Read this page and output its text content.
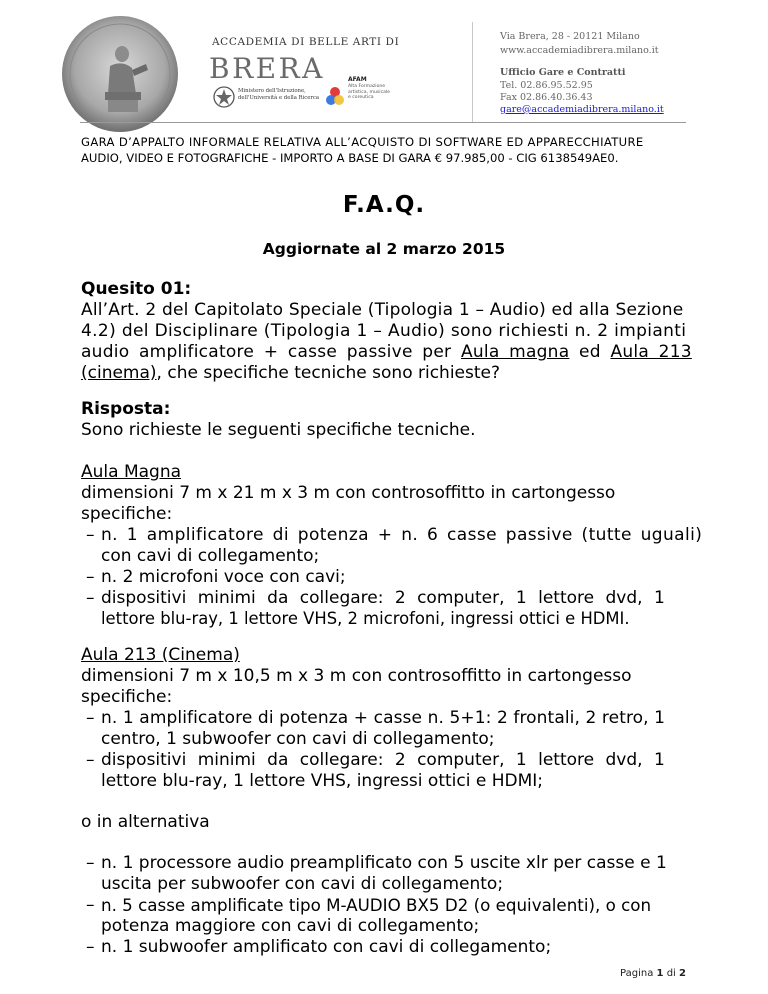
ACCADEMIA DI BELLE ARTI DI
BRERA
Ministero dell'Istruzione,
dell'Università e della Ricerca
AFAM
Alta Formazione
artistica, musicale
e coreutica
Via Brera, 28 - 20121 Milano
www.accademiadibrera.milano.it
Ufficio Gare e Contratti
Tel. 02.86.95.52.95
Fax 02.86.40.36.43
gare@accademiadibrera.milano.it
GARA D’APPALTO INFORMALE RELATIVA ALL’ACQUISTO DI SOFTWARE ED APPARECCHIATURE
AUDIO, VIDEO E FOTOGRAFICHE - IMPORTO A BASE DI GARA € 97.985,00 - CIG 6138549AE0.
F.A.Q.
Aggiornate al 2 marzo 2015
Quesito 01:
All’Art. 2 del Capitolato Speciale (Tipologia 1 – Audio) ed alla Sezione
4.2) del Disciplinare (Tipologia 1 – Audio) sono richiesti n. 2 impianti
audio amplificatore + casse passive per Aula magna ed Aula 213
(cinema), che specifiche tecniche sono richieste?
Risposta:
Sono richieste le seguenti specifiche tecniche.
Aula Magna
dimensioni 7 m x 21 m x 3 m con controsoffitto in cartongesso
specifiche:
– n. 1 amplificatore di potenza + n. 6 casse passive (tutte uguali)
con cavi di collegamento;
– n. 2 microfoni voce con cavi;
– dispositivi minimi da collegare: 2 computer, 1 lettore dvd, 1
lettore blu-ray, 1 lettore VHS, 2 microfoni, ingressi ottici e HDMI.
Aula 213 (Cinema)
dimensioni 7 m x 10,5 m x 3 m con controsoffitto in cartongesso
specifiche:
– n. 1 amplificatore di potenza + casse n. 5+1: 2 frontali, 2 retro, 1
centro, 1 subwoofer con cavi di collegamento;
– dispositivi minimi da collegare: 2 computer, 1 lettore dvd, 1
lettore blu-ray, 1 lettore VHS, ingressi ottici e HDMI;
o in alternativa
– n. 1 processore audio preamplificato con 5 uscite xlr per casse e 1
uscita per subwoofer con cavi di collegamento;
– n. 5 casse amplificate tipo M-AUDIO BX5 D2 (o equivalenti), o con
potenza maggiore con cavi di collegamento;
– n. 1 subwoofer amplificato con cavi di collegamento;
Pagina 1 di 2
